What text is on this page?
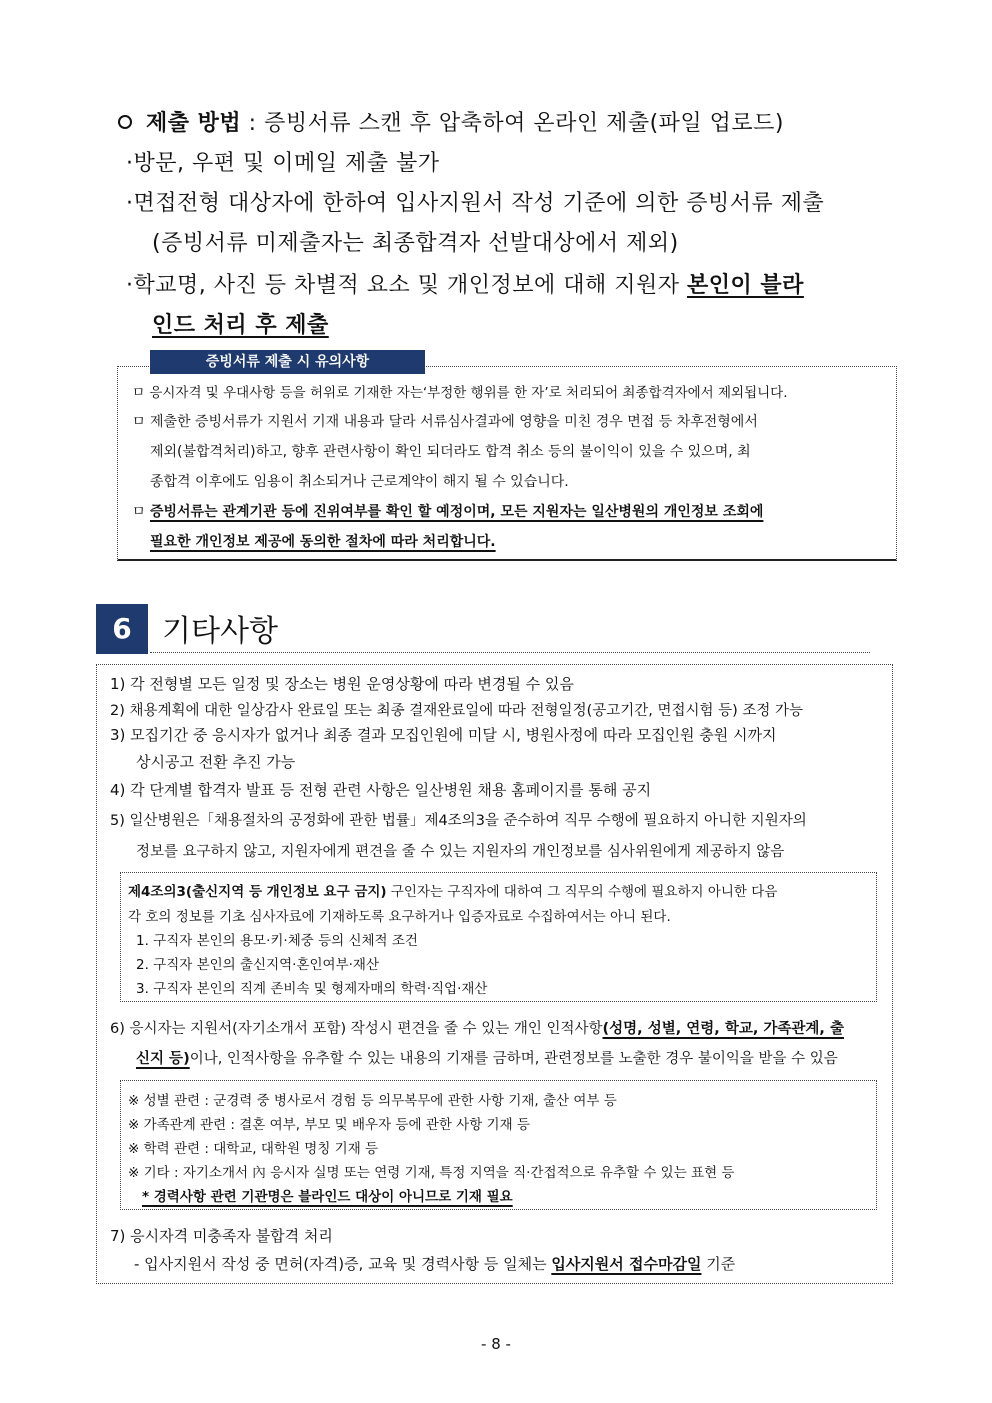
제출 방법 : 증빙서류 스캔 후 압축하여 온라인 제출(파일 업로드)
·방문, 우편 및 이메일 제출 불가
·면접전형 대상자에 한하여 입사지원서 작성 기준에 의한 증빙서류 제출
(증빙서류 미제출자는 최종합격자 선발대상에서 제외)
·학교명, 사진 등 차별적 요소 및 개인정보에 대해 지원자 본인이 블라
인드 처리 후 제출
증빙서류 제출 시 유의사항
ㅁ 응시자격 및 우대사항 등을 허위로 기재한 자는‘부정한 행위를 한 자’로 처리되어 최종합격자에서 제외됩니다.
ㅁ 제출한 증빙서류가 지원서 기재 내용과 달라 서류심사결과에 영향을 미친 경우 면접 등 차후전형에서
제외(불합격처리)하고, 향후 관련사항이 확인 되더라도 합격 취소 등의 불이익이 있을 수 있으며, 최
종합격 이후에도 임용이 취소되거나 근로계약이 해지 될 수 있습니다.
ㅁ 증빙서류는 관계기관 등에 진위여부를 확인 할 예정이며, 모든 지원자는 일산병원의 개인정보 조회에
필요한 개인정보 제공에 동의한 절차에 따라 처리합니다.
6	기타사항
1) 각 전형별 모든 일정 및 장소는 병원 운영상황에 따라 변경될 수 있음
2) 채용계획에 대한 일상감사 완료일 또는 최종 결재완료일에 따라 전형일정(공고기간, 면접시험 등) 조정 가능
3) 모집기간 중 응시자가 없거나 최종 결과 모집인원에 미달 시, 병원사정에 따라 모집인원 충원 시까지
상시공고 전환 추진 가능
4) 각 단계별 합격자 발표 등 전형 관련 사항은 일산병원 채용 홈페이지를 통해 공지
5) 일산병원은「채용절차의 공정화에 관한 법률」제4조의3을 준수하여 직무 수행에 필요하지 아니한 지원자의
정보를 요구하지 않고, 지원자에게 편견을 줄 수 있는 지원자의 개인정보를 심사위원에게 제공하지 않음
제4조의3(출신지역 등 개인정보 요구 금지) 구인자는 구직자에 대하여 그 직무의 수행에 필요하지 아니한 다음
각 호의 정보를 기초 심사자료에 기재하도록 요구하거나 입증자료로 수집하여서는 아니 된다.
1. 구직자 본인의 용모·키·체중 등의 신체적 조건
2. 구직자 본인의 출신지역·혼인여부·재산
3. 구직자 본인의 직계 존비속 및 형제자매의 학력·직업·재산
6) 응시자는 지원서(자기소개서 포함) 작성시 편견을 줄 수 있는 개인 인적사항(성명, 성별, 연령, 학교, 가족관계, 출
신지 등)이나, 인적사항을 유추할 수 있는 내용의 기재를 금하며, 관련정보를 노출한 경우 불이익을 받을 수 있음
※ 성별 관련 : 군경력 중 병사로서 경험 등 의무복무에 관한 사항 기재, 출산 여부 등
※ 가족관계 관련 : 결혼 여부, 부모 및 배우자 등에 관한 사항 기재 등
※ 학력 관련 : 대학교, 대학원 명칭 기재 등
※ 기타 : 자기소개서 內 응시자 실명 또는 연령 기재, 특정 지역을 직·간접적으로 유추할 수 있는 표현 등
* 경력사항 관련 기관명은 블라인드 대상이 아니므로 기재 필요
7) 응시자격 미충족자 불합격 처리
- 입사지원서 작성 중 면허(자격)증, 교육 및 경력사항 등 일체는 입사지원서 접수마감일 기준
- 8 -
